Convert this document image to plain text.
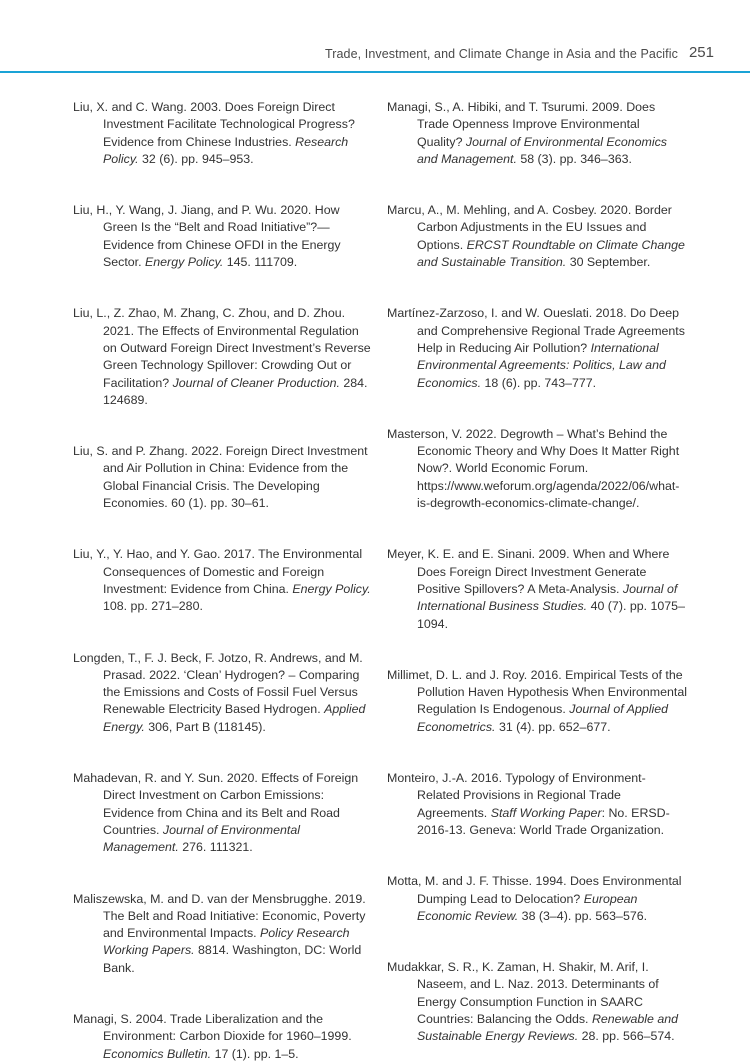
Trade, Investment, and Climate Change in Asia and the Pacific 251

Liu, X. and C. Wang. 2003. Does Foreign Direct Investment Facilitate Technological Progress? Evidence from Chinese Industries. Research Policy. 32 (6). pp. 945–953.

Liu, H., Y. Wang, J. Jiang, and P. Wu. 2020. How Green Is the “Belt and Road Initiative”?—Evidence from Chinese OFDI in the Energy Sector. Energy Policy. 145. 111709.

Liu, L., Z. Zhao, M. Zhang, C. Zhou, and D. Zhou. 2021. The Effects of Environmental Regulation on Outward Foreign Direct Investment’s Reverse Green Technology Spillover: Crowding Out or Facilitation? Journal of Cleaner Production. 284. 124689.

Liu, S. and P. Zhang. 2022. Foreign Direct Investment and Air Pollution in China: Evidence from the Global Financial Crisis. The Developing Economies. 60 (1). pp. 30–61.

Liu, Y., Y. Hao, and Y. Gao. 2017. The Environmental Consequences of Domestic and Foreign Investment: Evidence from China. Energy Policy. 108. pp. 271–280.

Longden, T., F. J. Beck, F. Jotzo, R. Andrews, and M. Prasad. 2022. ‘Clean’ Hydrogen? – Comparing the Emissions and Costs of Fossil Fuel Versus Renewable Electricity Based Hydrogen. Applied Energy. 306, Part B (118145).

Mahadevan, R. and Y. Sun. 2020. Effects of Foreign Direct Investment on Carbon Emissions: Evidence from China and its Belt and Road Countries. Journal of Environmental Management. 276. 111321.

Maliszewska, M. and D. van der Mensbrugghe. 2019. The Belt and Road Initiative: Economic, Poverty and Environmental Impacts. Policy Research Working Papers. 8814. Washington, DC: World Bank.

Managi, S. 2004. Trade Liberalization and the Environment: Carbon Dioxide for 1960–1999. Economics Bulletin. 17 (1). pp. 1–5.

Managi, S., A. Hibiki, and T. Tsurumi. 2009. Does Trade Openness Improve Environmental Quality? Journal of Environmental Economics and Management. 58 (3). pp. 346–363.

Marcu, A., M. Mehling, and A. Cosbey. 2020. Border Carbon Adjustments in the EU Issues and Options. ERCST Roundtable on Climate Change and Sustainable Transition. 30 September.

Martínez-Zarzoso, I. and W. Oueslati. 2018. Do Deep and Comprehensive Regional Trade Agreements Help in Reducing Air Pollution? International Environmental Agreements: Politics, Law and Economics. 18 (6). pp. 743–777.

Masterson, V. 2022. Degrowth – What’s Behind the Economic Theory and Why Does It Matter Right Now?. World Economic Forum. https://www.weforum.org/agenda/2022/06/what-is-degrowth-economics-climate-change/.

Meyer, K. E. and E. Sinani. 2009. When and Where Does Foreign Direct Investment Generate Positive Spillovers? A Meta-Analysis. Journal of International Business Studies. 40 (7). pp. 1075–1094.

Millimet, D. L. and J. Roy. 2016. Empirical Tests of the Pollution Haven Hypothesis When Environmental Regulation Is Endogenous. Journal of Applied Econometrics. 31 (4). pp. 652–677.

Monteiro, J.-A. 2016. Typology of Environment-Related Provisions in Regional Trade Agreements. Staff Working Paper: No. ERSD-2016-13. Geneva: World Trade Organization.

Motta, M. and J. F. Thisse. 1994. Does Environmental Dumping Lead to Delocation? European Economic Review. 38 (3–4). pp. 563–576.

Mudakkar, S. R., K. Zaman, H. Shakir, M. Arif, I. Naseem, and L. Naz. 2013. Determinants of Energy Consumption Function in SAARC Countries: Balancing the Odds. Renewable and Sustainable Energy Reviews. 28. pp. 566–574.
